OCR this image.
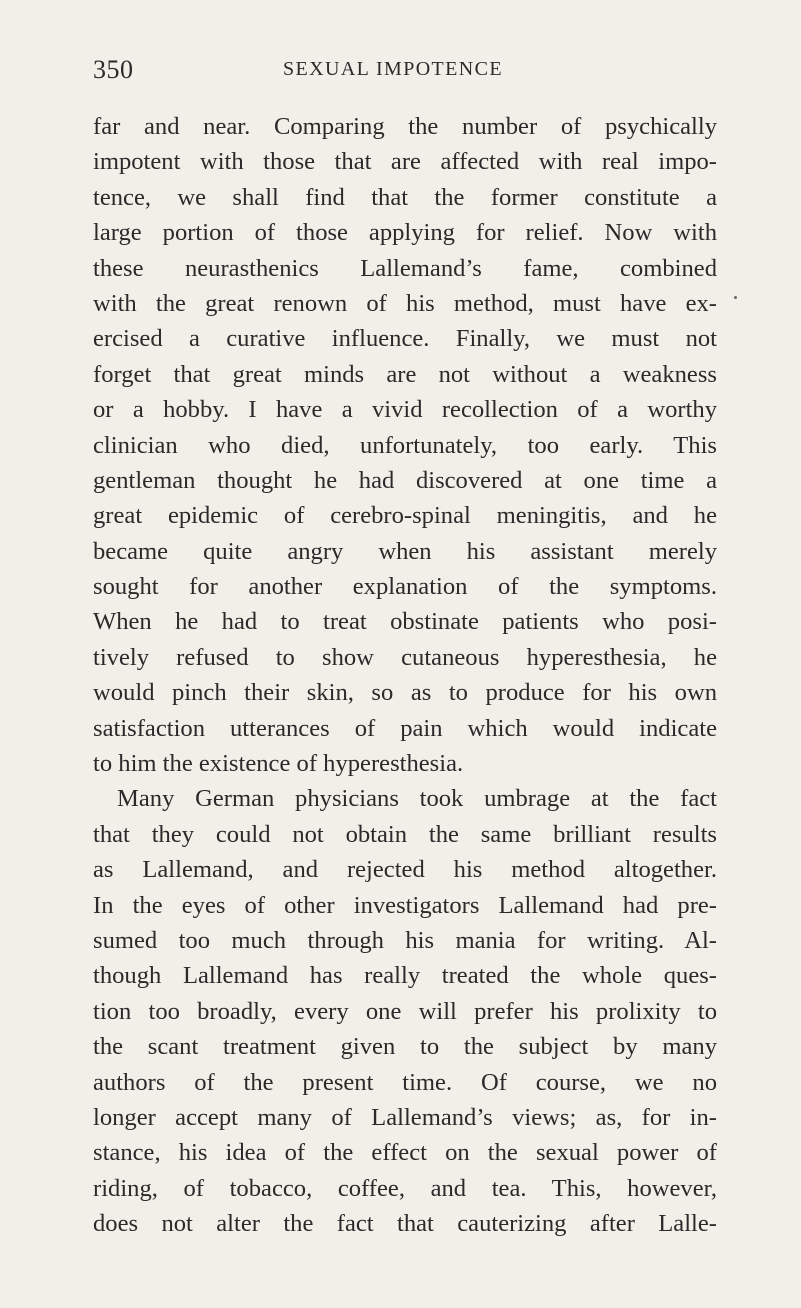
350	SEXUAL IMPOTENCE
far and near. Comparing the number of psychically
impotent with those that are affected with real impo-
tence, we shall find that the former constitute a
large portion of those applying for relief. Now with
these neurasthenics Lallemand’s fame, combined
with the great renown of his method, must have ex-
ercised a curative influence. Finally, we must not
forget that great minds are not without a weakness
or a hobby. I have a vivid recollection of a worthy
clinician who died, unfortunately, too early. This
gentleman thought he had discovered at one time a
great epidemic of cerebro-spinal meningitis, and he
became quite angry when his assistant merely
sought for another explanation of the symptoms.
When he had to treat obstinate patients who posi-
tively refused to show cutaneous hyperesthesia, he
would pinch their skin, so as to produce for his own
satisfaction utterances of pain which would indicate
to him the existence of hyperesthesia.
Many German physicians took umbrage at the fact
that they could not obtain the same brilliant results
as Lallemand, and rejected his method altogether.
In the eyes of other investigators Lallemand had pre-
sumed too much through his mania for writing. Al-
though Lallemand has really treated the whole ques-
tion too broadly, every one will prefer his prolixity to
the scant treatment given to the subject by many
authors of the present time. Of course, we no
longer accept many of Lallemand’s views; as, for in-
stance, his idea of the effect on the sexual power of
riding, of tobacco, coffee, and tea. This, however,
does not alter the fact that cauterizing after Lalle-
